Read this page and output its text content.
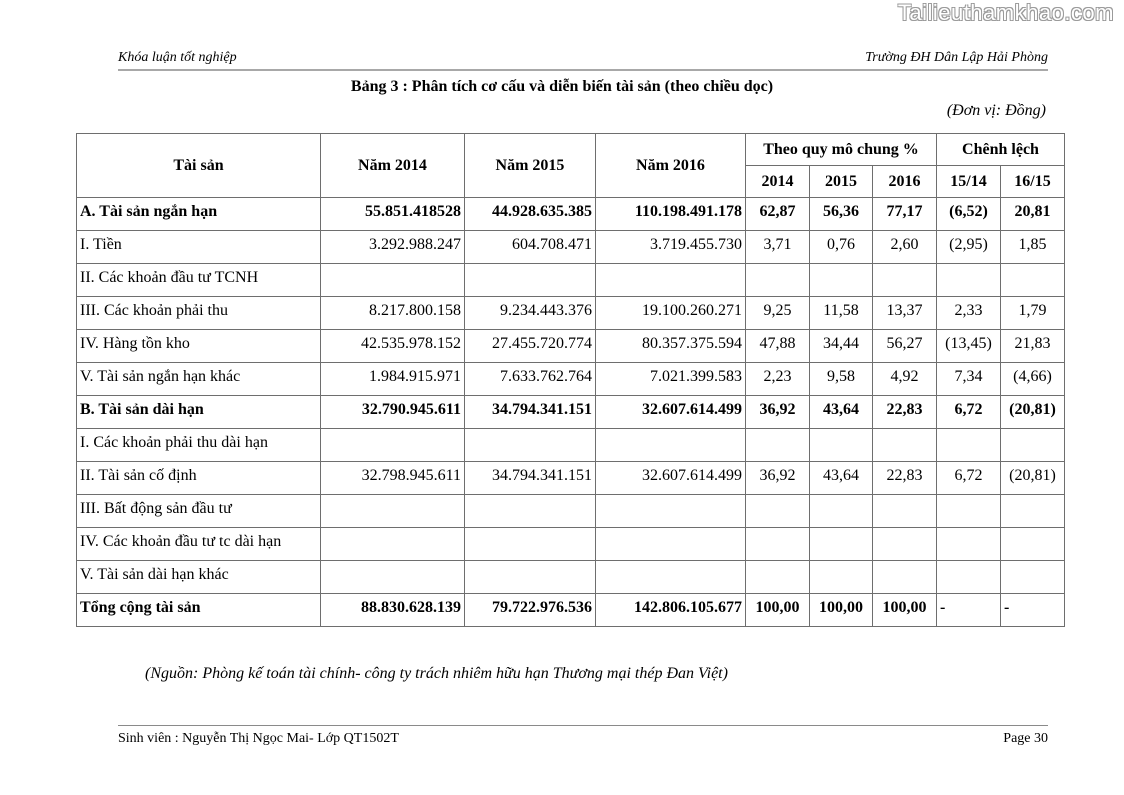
Tailieuthamkhao.com
Khóa luận tốt nghiệp	Trường ĐH Dân Lập Hải Phòng
Bảng 3 : Phân tích cơ cấu và diễn biến tài sản (theo chiều dọc)
(Đơn vị: Đồng)
Tài sản	Năm 2014	Năm 2015	Năm 2016	Theo quy mô chung %			Chênh lệch	
				2014	2015	2016	15/14	16/15
A. Tài sản ngắn hạn	55.851.418528	44.928.635.385	110.198.491.178	62,87	56,36	77,17	(6,52)	20,81
I. Tiền	3.292.988.247	604.708.471	3.719.455.730	3,71	0,76	2,60	(2,95)	1,85
II. Các khoản đầu tư TCNH								
III. Các khoản phải thu	8.217.800.158	9.234.443.376	19.100.260.271	9,25	11,58	13,37	2,33	1,79
IV. Hàng tồn kho	42.535.978.152	27.455.720.774	80.357.375.594	47,88	34,44	56,27	(13,45)	21,83
V. Tài sản ngắn hạn khác	1.984.915.971	7.633.762.764	7.021.399.583	2,23	9,58	4,92	7,34	(4,66)
B. Tài sản dài hạn	32.790.945.611	34.794.341.151	32.607.614.499	36,92	43,64	22,83	6,72	(20,81)
I. Các khoản phải thu dài hạn								
II. Tài sản cố định	32.798.945.611	34.794.341.151	32.607.614.499	36,92	43,64	22,83	6,72	(20,81)
III. Bất động sản đầu tư								
IV. Các khoản đầu tư tc dài hạn								
V. Tài sản dài hạn khác								
Tổng cộng tài sản	88.830.628.139	79.722.976.536	142.806.105.677	100,00	100,00	100,00	-	-
(Nguồn: Phòng kế toán tài chính- công ty trách nhiêm hữu hạn Thương mại thép Đan Việt)
Sinh viên : Nguyễn Thị Ngọc Mai- Lớp QT1502T	Page 30
